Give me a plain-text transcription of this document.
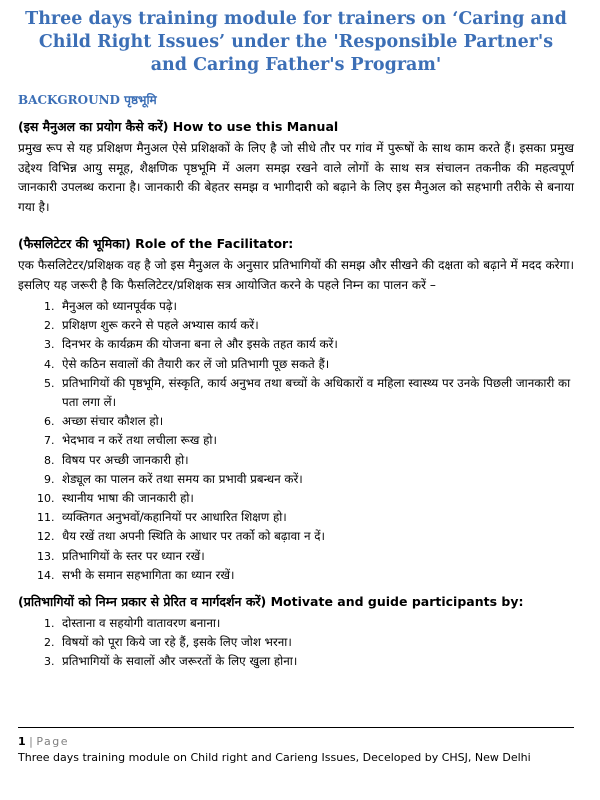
Three days training module for trainers on ‘Caring and Child Right Issues’ under the 'Responsible Partner's and Caring Father's Program'
BACKGROUND पृष्ठभूमि
(इस मैनुअल का प्रयोग कैसे करें) How to use this Manual

प्रमुख रूप से यह प्रशिक्षण मैनुअल ऐसे प्रशिक्षकों के लिए है जो सीधे तौर पर गांव में पुरूषों के साथ काम करते हैं। इसका प्रमुख उद्देश्य विभिन्न आयु समूह, शैक्षणिक पृष्ठभूमि में अलग समझ रखने वाले लोगों के साथ सत्र संचालन तकनीक की महत्वपूर्ण जानकारी उपलब्ध कराना है। जानकारी की बेहतर समझ व भागीदारी को बढ़ाने के लिए इस मैनुअल को सहभागी तरीके से बनाया गया है।

(फैसलिटेटर की भूमिका) Role of the Facilitator:

एक फैसलिटेटर/प्रशिक्षक वह है जो इस मैनुअल के अनुसार प्रतिभागियों की समझ और सीखने की दक्षता को बढ़ाने में मदद करेगा। इसलिए यह जरूरी है कि फैसलिटेटर/प्रशिक्षक सत्र आयोजित करने के पहले निम्न का पालन करें –

1. मैनुअल को ध्यानपूर्वक पढ़े।
2. प्रशिक्षण शुरू करने से पहले अभ्यास कार्य करें।
3. दिनभर के कार्यक्रम की योजना बना ले और इसके तहत कार्य करें।
4. ऐसे कठिन सवालों की तैयारी कर लें जो प्रतिभागी पूछ सकते हैं।
5. प्रतिभागियों की पृष्ठभूमि, संस्कृति, कार्य अनुभव तथा बच्चों के अधिकारों व महिला स्वास्थ्य पर उनके पिछली जानकारी का पता लगा लें।
6. अच्छा संचार कौशल हो।
7. भेदभाव न करें तथा लचीला रूख हो।
8. विषय पर अच्छी जानकारी हो।
9. शेड्यूल का पालन करें तथा समय का प्रभावी प्रबन्धन करें।
10. स्थानीय भाषा की जानकारी हो।
11. व्यक्तिगत अनुभवों/कहानियों पर आधारित शिक्षण हो।
12. धैय रखें तथा अपनी स्थिति के आधार पर तर्को को बढ़ावा न दें।
13. प्रतिभागियों के स्तर पर ध्यान रखें।
14. सभी के समान सहभागिता का ध्यान रखें।
(प्रतिभागियों को निम्न प्रकार से प्रेरित व मार्गदर्शन करें) Motivate and guide participants by:
1. दोस्ताना व सहयोगी वातावरण बनाना।
2. विषयों को पूरा किये जा रहे हैं, इसके लिए जोश भरना।
3. प्रतिभागियों के सवालों और जरूरतों के लिए खुला होना।
1 | Page
Three days training module on Child right and Carieng Issues, Deceloped by CHSJ, New Delhi
